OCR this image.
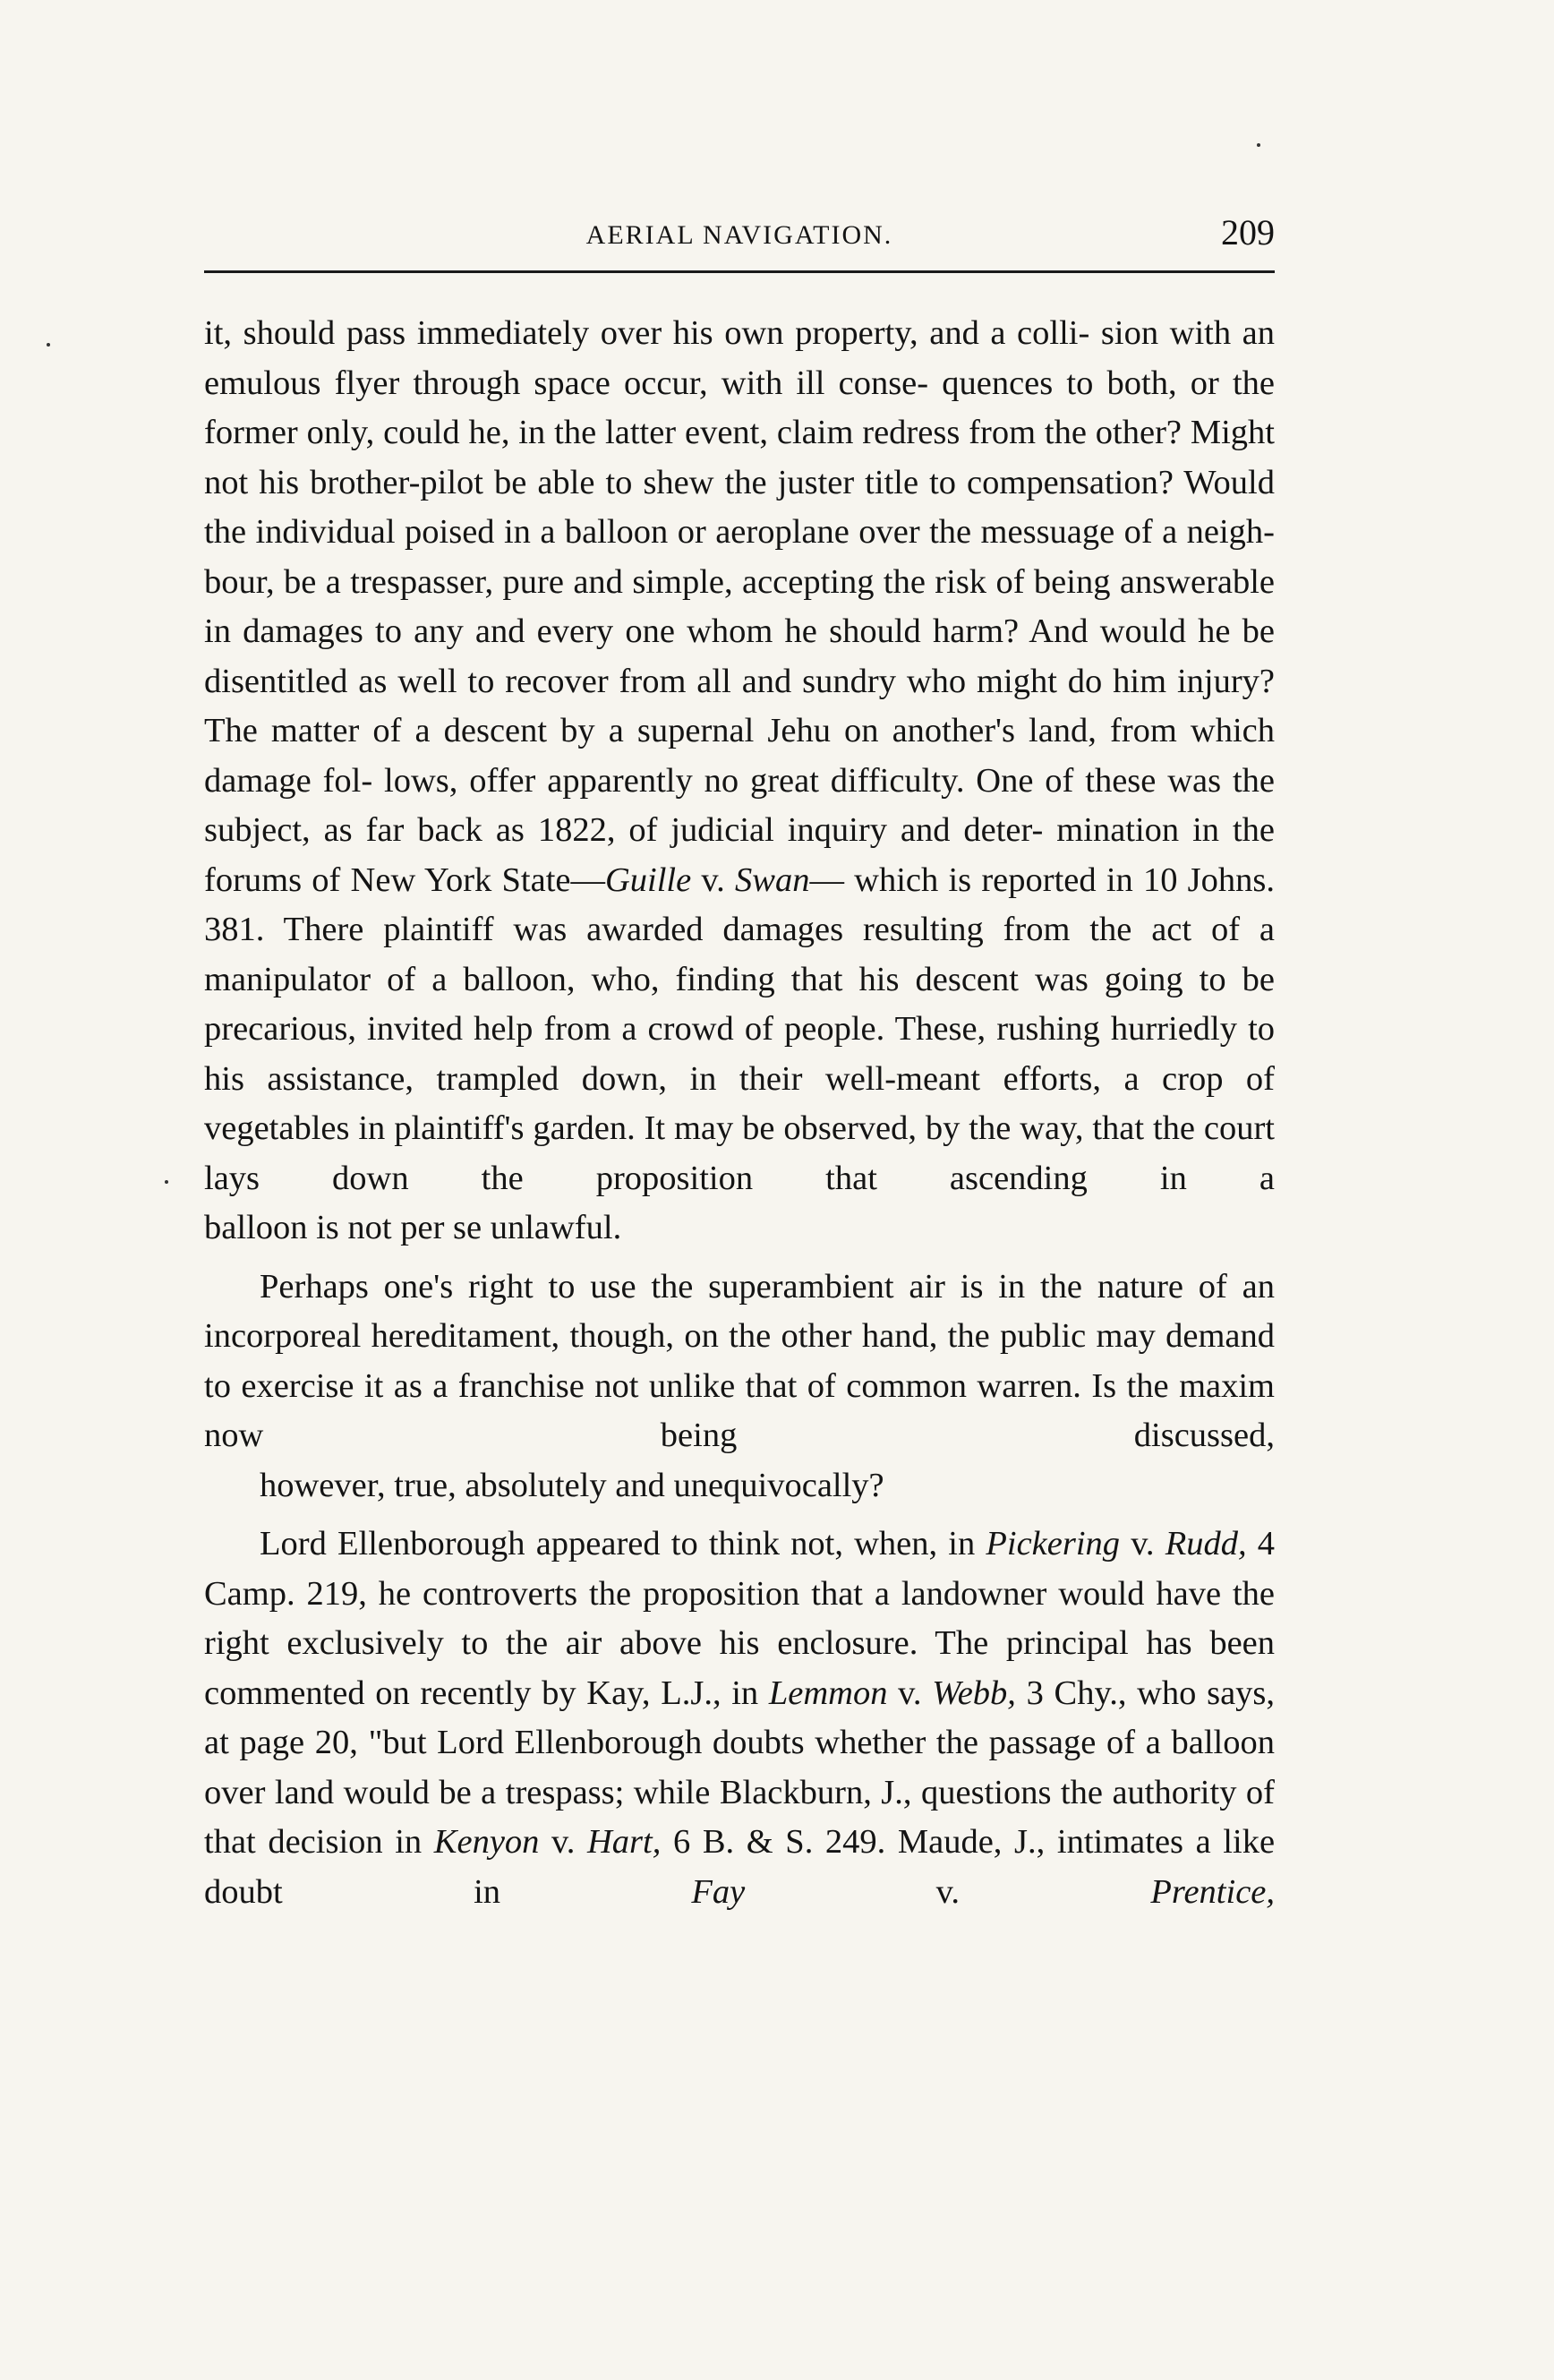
AERIAL NAVIGATION.	209

it, should pass immediately over his own property, and a colli- sion with an emulous flyer through space occur, with ill conse- quences to both, or the former only, could he, in the latter event, claim redress from the other? Might not his brother-pilot be able to shew the juster title to compensation? Would the individual poised in a balloon or aeroplane over the messuage of a neigh- bour, be a trespasser, pure and simple, accepting the risk of being answerable in damages to any and every one whom he should harm? And would he be disentitled as well to recover from all and sundry who might do him injury? The matter of a descent by a supernal Jehu on another's land, from which damage fol- lows, offer apparently no great difficulty. One of these was the subject, as far back as 1822, of judicial inquiry and deter- mination in the forums of New York State—Guille v. Swan— which is reported in 10 Johns. 381. There plaintiff was awarded damages resulting from the act of a manipulator of a balloon, who, finding that his descent was going to be precarious, invited help from a crowd of people. These, rushing hurriedly to his assistance, trampled down, in their well-meant efforts, a crop of vegetables in plaintiff's garden. It may be observed, by the way, that the court lays down the proposition that ascending in a
balloon is not per se unlawful.

Perhaps one's right to use the superambient air is in the nature of an incorporeal hereditament, though, on the other hand, the public may demand to exercise it as a franchise not unlike that of common warren. Is the maxim now being discussed,
however, true, absolutely and unequivocally?

Lord Ellenborough appeared to think not, when, in Pickering v. Rudd, 4 Camp. 219, he controverts the proposition that a landowner would have the right exclusively to the air above his enclosure. The principal has been commented on recently by Kay, L.J., in Lemmon v. Webb, 3 Chy., who says, at page 20, "but Lord Ellenborough doubts whether the passage of a balloon over land would be a trespass; while Blackburn, J., questions the authority of that decision in Kenyon v. Hart, 6 B. & S. 249. Maude, J., intimates a like doubt in Fay v. Prentice,
